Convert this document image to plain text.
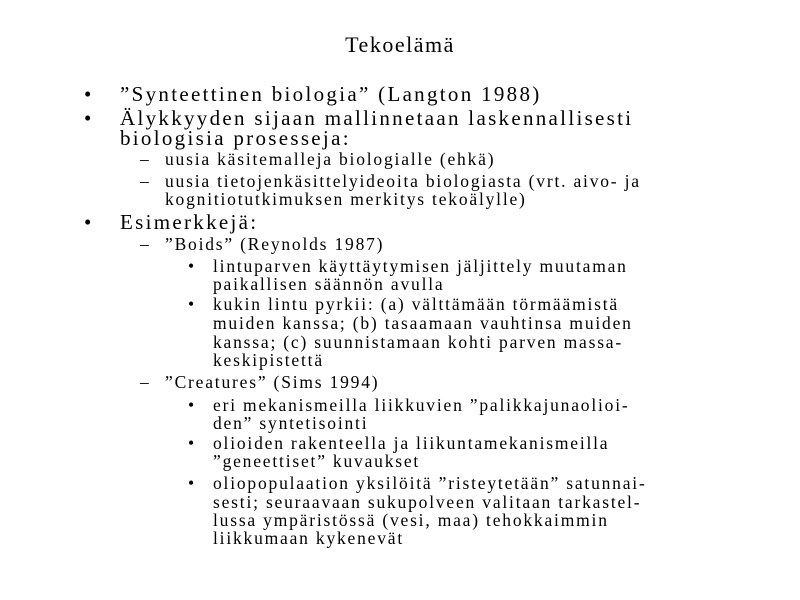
Tekoelämä
• ”Synteettinen biologia” (Langton 1988)
• Älykkyyden sijaan mallinnetaan laskennallisesti
biologisia prosesseja:
– uusia käsitemalleja biologialle (ehkä)
– uusia tietojenkäsittelyideoita biologiasta (vrt. aivo- ja
kognitiotutkimuksen merkitys tekoälylle)
• Esimerkkejä:
– ”Boids” (Reynolds 1987)
• lintuparven käyttäytymisen jäljittely muutaman
paikallisen säännön avulla
• kukin lintu pyrkii: (a) välttämään törmäämistä
muiden kanssa; (b) tasaamaan vauhtinsa muiden
kanssa; (c) suunnistamaan kohti parven massa-
keskipistettä
– ”Creatures” (Sims 1994)
• eri mekanismeilla liikkuvien ”palikkajunaolioi-
den” syntetisointi
• olioiden rakenteella ja liikuntamekanismeilla
”geneettiset” kuvaukset
• oliopopulaation yksilöitä ”risteytetään” satunnai-
sesti; seuraavaan sukupolveen valitaan tarkastel-
lussa ympäristössä (vesi, maa) tehokkaimmin
liikkumaan kykenevät
